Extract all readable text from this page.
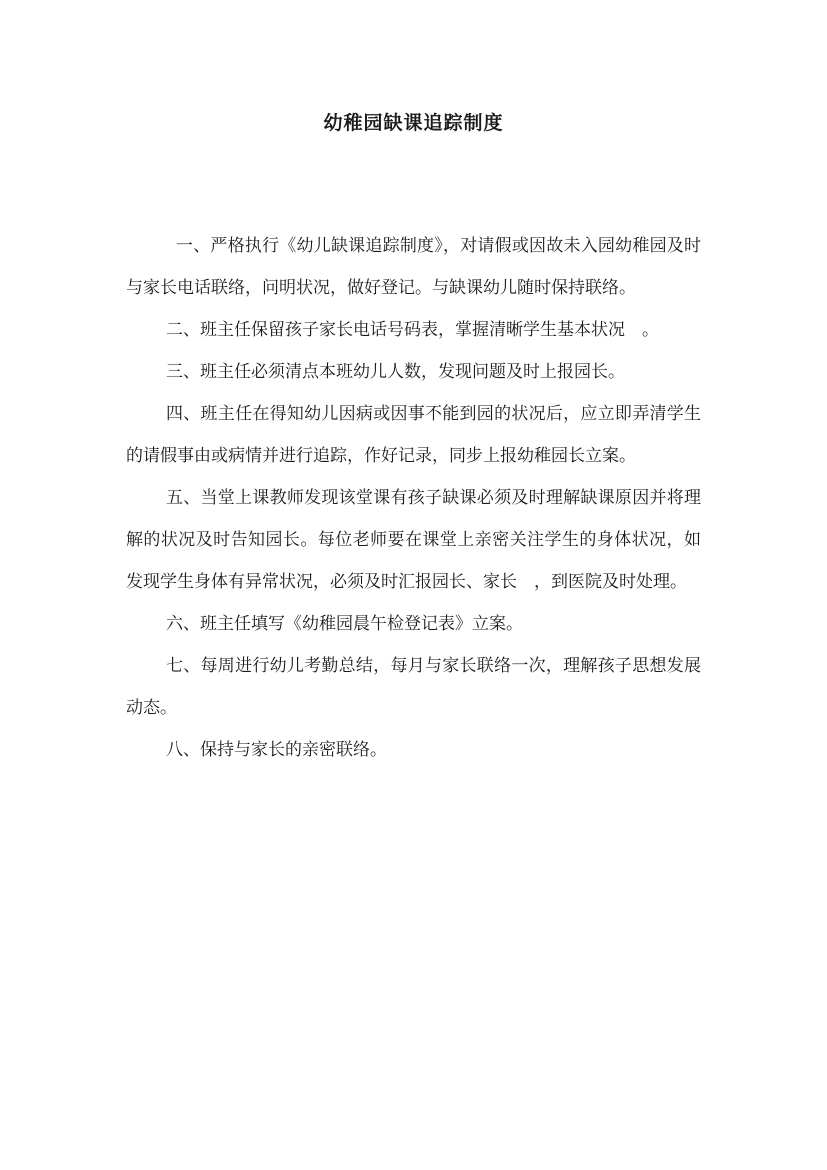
幼稚园缺课追踪制度

一、严格执行《幼儿缺课追踪制度》，对请假或因故未入园幼稚园及时与家长电话联络，问明状况，做好登记。与缺课幼儿随时保持联络。

二、班主任保留孩子家长电话号码表，掌握清晰学生基本状况　。

三、班主任必须清点本班幼儿人数，发现问题及时上报园长。

四、班主任在得知幼儿因病或因事不能到园的状况后，应立即弄清学生的请假事由或病情并进行追踪，作好记录，同步上报幼稚园长立案。

五、当堂上课教师发现该堂课有孩子缺课必须及时理解缺课原因并将理解的状况及时告知园长。每位老师要在课堂上亲密关注学生的身体状况，如发现学生身体有异常状况，必须及时汇报园长、家长　，到医院及时处理。

六、班主任填写《幼稚园晨午检登记表》立案。

七、每周进行幼儿考勤总结，每月与家长联络一次，理解孩子思想发展动态。

八、保持与家长的亲密联络。
